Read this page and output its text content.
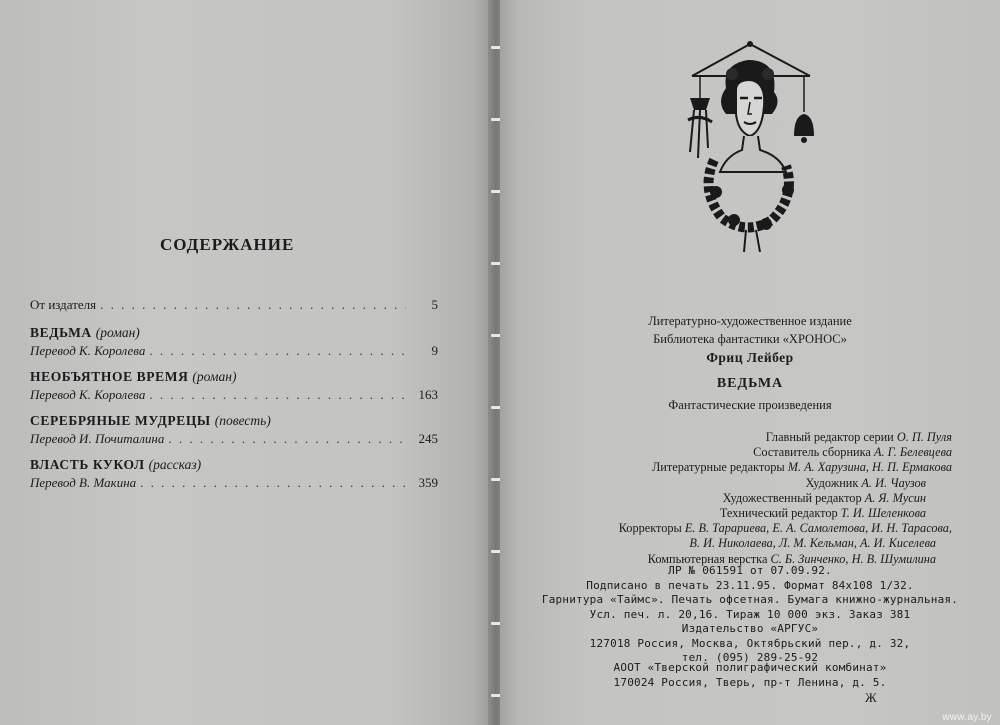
СОДЕРЖАНИЕ
От издателя . . .	5
ВЕДЬМА (роман)
Перевод К. Королева . . .	9
НЕОБЪЯТНОЕ ВРЕМЯ (роман)
Перевод К. Королева . . .	163
СЕРЕБРЯНЫЕ МУДРЕЦЫ (повесть)
Перевод И. Почиталина . . .	245
ВЛАСТЬ КУКОЛ (рассказ)
Перевод В. Макина . . .	359
Литературно-художественное издание
Библиотека фантастики «ХРОНОС»
Фриц Лейбер
ВЕДЬМА
Фантастические произведения
Главный редактор серии О. П. Пуля
Составитель сборника А. Г. Белевцева
Литературные редакторы М. А. Харузина, Н. П. Ермакова
Художник А. И. Чаузов
Художественный редактор А. Я. Мусин
Технический редактор Т. И. Шеленкова
Корректоры Е. В. Тарариева, Е. А. Самолетова, И. Н. Тарасова,
В. И. Николаева, Л. М. Кельман, А. И. Киселева
Компьютерная верстка С. Б. Зинченко, Н. В. Шумилина
ЛР № 061591 от 07.09.92.
Подписано в печать 23.11.95. Формат 84x108 1/32.
Гарнитура «Таймс». Печать офсетная. Бумага книжно-журнальная.
Усл. печ. л. 20,16. Тираж 10 000 экз. Заказ 381
Издательство «АРГУС»
127018 Россия, Москва, Октябрьский пер., д. 32,
тел. (095) 289-25-92
АООТ «Тверской полиграфический комбинат»
170024 Россия, Тверь, пр-т Ленина, д. 5.
Ж
www.ay.by
